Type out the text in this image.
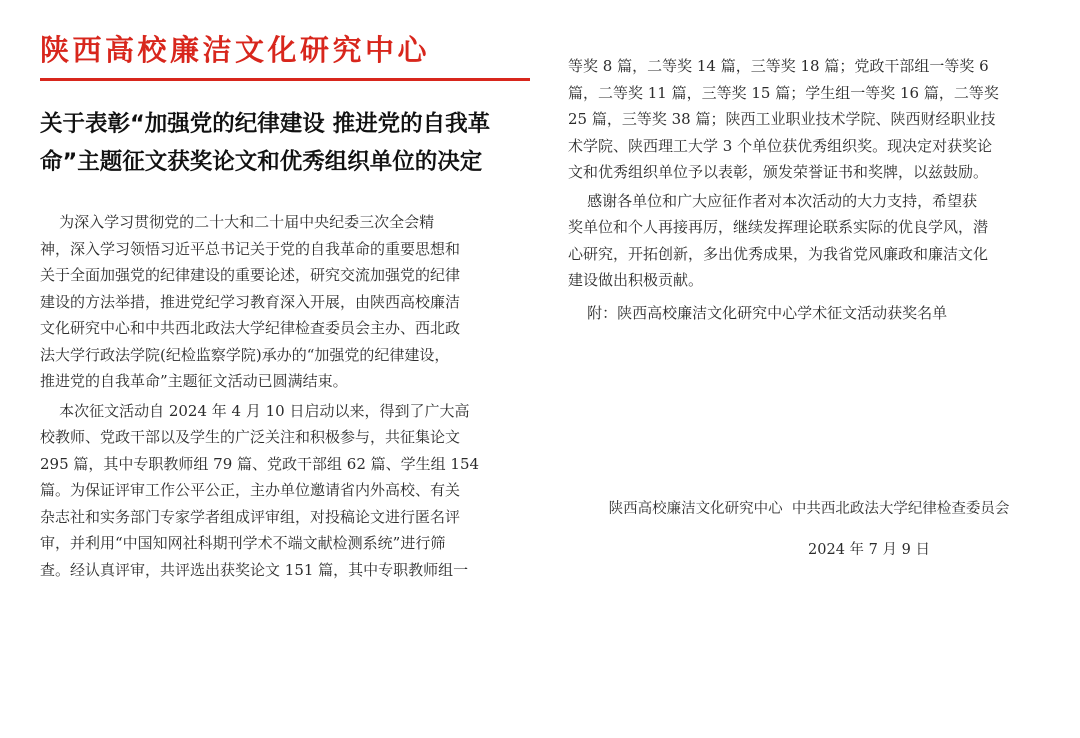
陕西高校廉洁文化研究中心
关于表彰“加强党的纪律建设 推进党的自我革
命”主题征文获奖论文和优秀组织单位的决定
为深入学习贯彻党的二十大和二十届中央纪委三次全会精
神，深入学习领悟习近平总书记关于党的自我革命的重要思想和
关于全面加强党的纪律建设的重要论述，研究交流加强党的纪律
建设的方法举措，推进党纪学习教育深入开展，由陕西高校廉洁
文化研究中心和中共西北政法大学纪律检查委员会主办、西北政
法大学行政法学院(纪检监察学院)承办的“加强党的纪律建设，
推进党的自我革命”主题征文活动已圆满结束。
本次征文活动自 2024 年 4 月 10 日启动以来，得到了广大高
校教师、党政干部以及学生的广泛关注和积极参与，共征集论文
295 篇，其中专职教师组 79 篇、党政干部组 62 篇、学生组 154
篇。为保证评审工作公平公正，主办单位邀请省内外高校、有关
杂志社和实务部门专家学者组成评审组，对投稿论文进行匿名评
审，并利用“中国知网社科期刊学术不端文献检测系统”进行筛
查。经认真评审，共评选出获奖论文 151 篇，其中专职教师组一
等奖 8 篇，二等奖 14 篇，三等奖 18 篇；党政干部组一等奖 6
篇，二等奖 11 篇，三等奖 15 篇；学生组一等奖 16 篇，二等奖
25 篇，三等奖 38 篇；陕西工业职业技术学院、陕西财经职业技
术学院、陕西理工大学 3 个单位获优秀组织奖。现决定对获奖论
文和优秀组织单位予以表彰，颁发荣誉证书和奖牌，以兹鼓励。
感谢各单位和广大应征作者对本次活动的大力支持，希望获
奖单位和个人再接再厉，继续发挥理论联系实际的优良学风，潜
心研究，开拓创新，多出优秀成果，为我省党风廉政和廉洁文化
建设做出积极贡献。
附：陕西高校廉洁文化研究中心学术征文活动获奖名单
陕西高校廉洁文化研究中心  中共西北政法大学纪律检查委员会
2024 年 7 月 9 日
